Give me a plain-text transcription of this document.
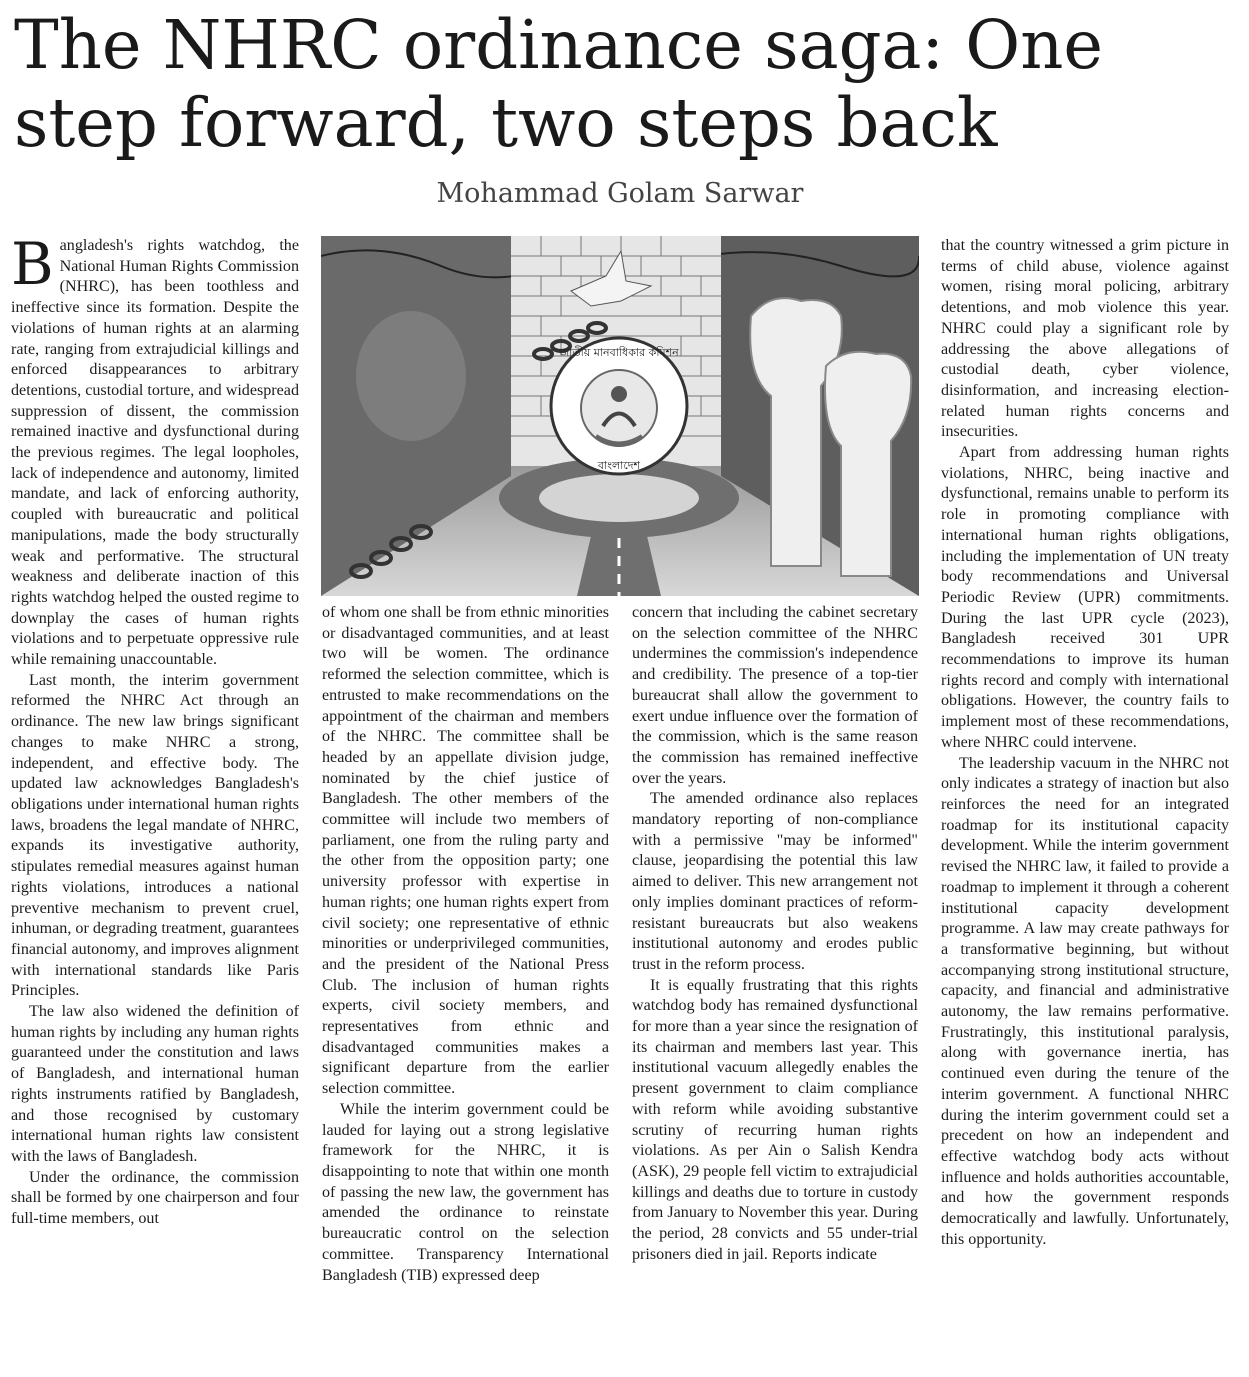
The NHRC ordinance saga: One step forward, two steps back
Mohammad Golam Sarwar

Bangladesh's rights watchdog, the National Human Rights Commission (NHRC), has been toothless and ineffective since its formation. Despite the violations of human rights at an alarming rate, ranging from extrajudicial killings and enforced disappearances to arbitrary detentions, custodial torture, and widespread suppression of dissent, the commission remained inactive and dysfunctional during the previous regimes. The legal loopholes, lack of independence and autonomy, limited mandate, and lack of enforcing authority, coupled with bureaucratic and political manipulations, made the body structurally weak and performative. The structural weakness and deliberate inaction of this rights watchdog helped the ousted regime to downplay the cases of human rights violations and to perpetuate oppressive rule while remaining unaccountable.

Last month, the interim government reformed the NHRC Act through an ordinance. The new law brings significant changes to make NHRC a strong, independent, and effective body. The updated law acknowledges Bangladesh's obligations under international human rights laws, broadens the legal mandate of NHRC, expands its investigative authority, stipulates remedial measures against human rights violations, introduces a national preventive mechanism to prevent cruel, inhuman, or degrading treatment, guarantees financial autonomy, and improves alignment with international standards like Paris Principles.

The law also widened the definition of human rights by including any human rights guaranteed under the constitution and laws of Bangladesh, and international human rights instruments ratified by Bangladesh, and those recognised by customary international human rights law consistent with the laws of Bangladesh.

Under the ordinance, the commission shall be formed by one chairperson and four full-time members, out

জাতীয় মানবাধিকার কমিশন
বাংলাদেশ

of whom one shall be from ethnic minorities or disadvantaged communities, and at least two will be women. The ordinance reformed the selection committee, which is entrusted to make recommendations on the appointment of the chairman and members of the NHRC. The committee shall be headed by an appellate division judge, nominated by the chief justice of Bangladesh. The other members of the committee will include two members of parliament, one from the ruling party and the other from the opposition party; one university professor with expertise in human rights; one human rights expert from civil society; one representative of ethnic minorities or underprivileged communities, and the president of the National Press Club. The inclusion of human rights experts, civil society members, and representatives from ethnic and disadvantaged communities makes a significant departure from the earlier selection committee.

While the interim government could be lauded for laying out a strong legislative framework for the NHRC, it is disappointing to note that within one month of passing the new law, the government has amended the ordinance to reinstate bureaucratic control on the selection committee. Transparency International Bangladesh (TIB) expressed deep

concern that including the cabinet secretary on the selection committee of the NHRC undermines the commission's independence and credibility. The presence of a top-tier bureaucrat shall allow the government to exert undue influence over the formation of the commission, which is the same reason the commission has remained ineffective over the years.

The amended ordinance also replaces mandatory reporting of non-compliance with a permissive "may be informed" clause, jeopardising the potential this law aimed to deliver. This new arrangement not only implies dominant practices of reform-resistant bureaucrats but also weakens institutional autonomy and erodes public trust in the reform process.

It is equally frustrating that this rights watchdog body has remained dysfunctional for more than a year since the resignation of its chairman and members last year. This institutional vacuum allegedly enables the present government to claim compliance with reform while avoiding substantive scrutiny of recurring human rights violations. As per Ain o Salish Kendra (ASK), 29 people fell victim to extrajudicial killings and deaths due to torture in custody from January to November this year. During the period, 28 convicts and 55 under-trial prisoners died in jail. Reports indicate

that the country witnessed a grim picture in terms of child abuse, violence against women, rising moral policing, arbitrary detentions, and mob violence this year. NHRC could play a significant role by addressing the above allegations of custodial death, cyber violence, disinformation, and increasing election-related human rights concerns and insecurities.

Apart from addressing human rights violations, NHRC, being inactive and dysfunctional, remains unable to perform its role in promoting compliance with international human rights obligations, including the implementation of UN treaty body recommendations and Universal Periodic Review (UPR) commitments. During the last UPR cycle (2023), Bangladesh received 301 UPR recommendations to improve its human rights record and comply with international obligations. However, the country fails to implement most of these recommendations, where NHRC could intervene.

The leadership vacuum in the NHRC not only indicates a strategy of inaction but also reinforces the need for an integrated roadmap for its institutional capacity development. While the interim government revised the NHRC law, it failed to provide a roadmap to implement it through a coherent institutional capacity development programme. A law may create pathways for a transformative beginning, but without accompanying strong institutional structure, capacity, and financial and administrative autonomy, the law remains performative. Frustratingly, this institutional paralysis, along with governance inertia, has continued even during the tenure of the interim government. A functional NHRC during the interim government could set a precedent on how an independent and effective watchdog body acts without influence and holds authorities accountable, and how the government responds democratically and lawfully. Unfortunately, this opportunity.
